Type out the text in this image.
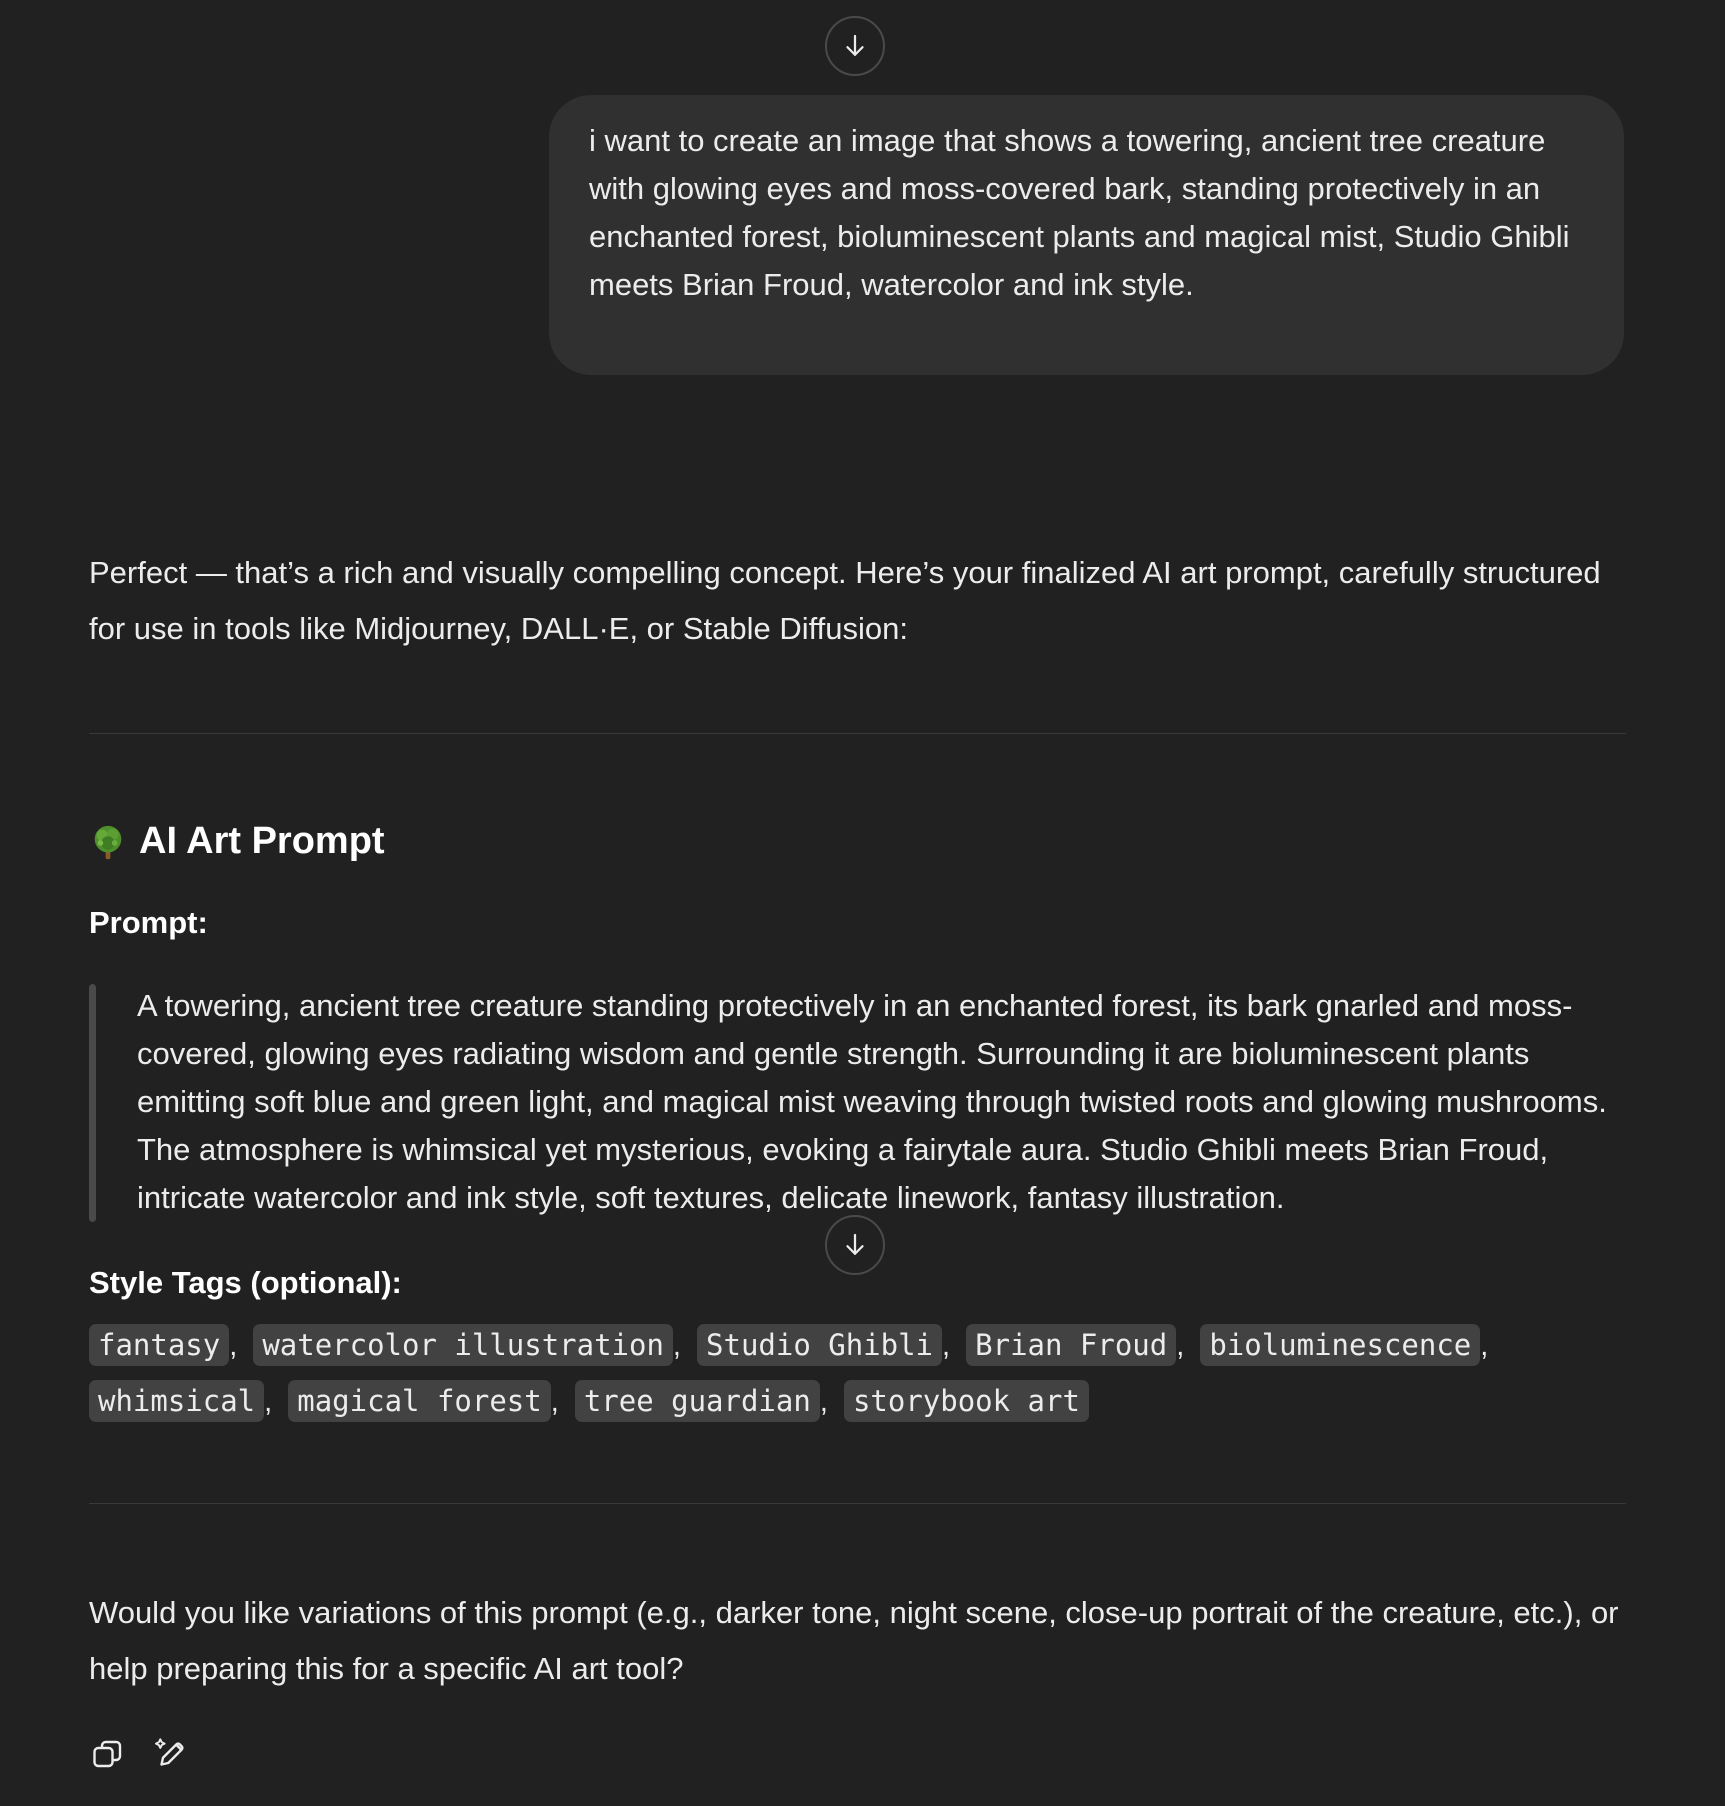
i want to create an image that shows a towering, ancient tree creature with glowing eyes and moss-covered bark, standing protectively in an enchanted forest, bioluminescent plants and magical mist, Studio Ghibli meets Brian Froud, watercolor and ink style.
Perfect — that’s a rich and visually compelling concept. Here’s your finalized AI art prompt, carefully structured for use in tools like Midjourney, DALL·E, or Stable Diffusion:
AI Art Prompt
Prompt:
A towering, ancient tree creature standing protectively in an enchanted forest, its bark gnarled and moss-covered, glowing eyes radiating wisdom and gentle strength. Surrounding it are bioluminescent plants emitting soft blue and green light, and magical mist weaving through twisted roots and glowing mushrooms. The atmosphere is whimsical yet mysterious, evoking a fairytale aura. Studio Ghibli meets Brian Froud, intricate watercolor and ink style, soft textures, delicate linework, fantasy illustration.
Style Tags (optional):
fantasy , watercolor illustration , Studio Ghibli , Brian Froud , bioluminescence , whimsical , magical forest , tree guardian , storybook art
Would you like variations of this prompt (e.g., darker tone, night scene, close-up portrait of the creature, etc.), or help preparing this for a specific AI art tool?
